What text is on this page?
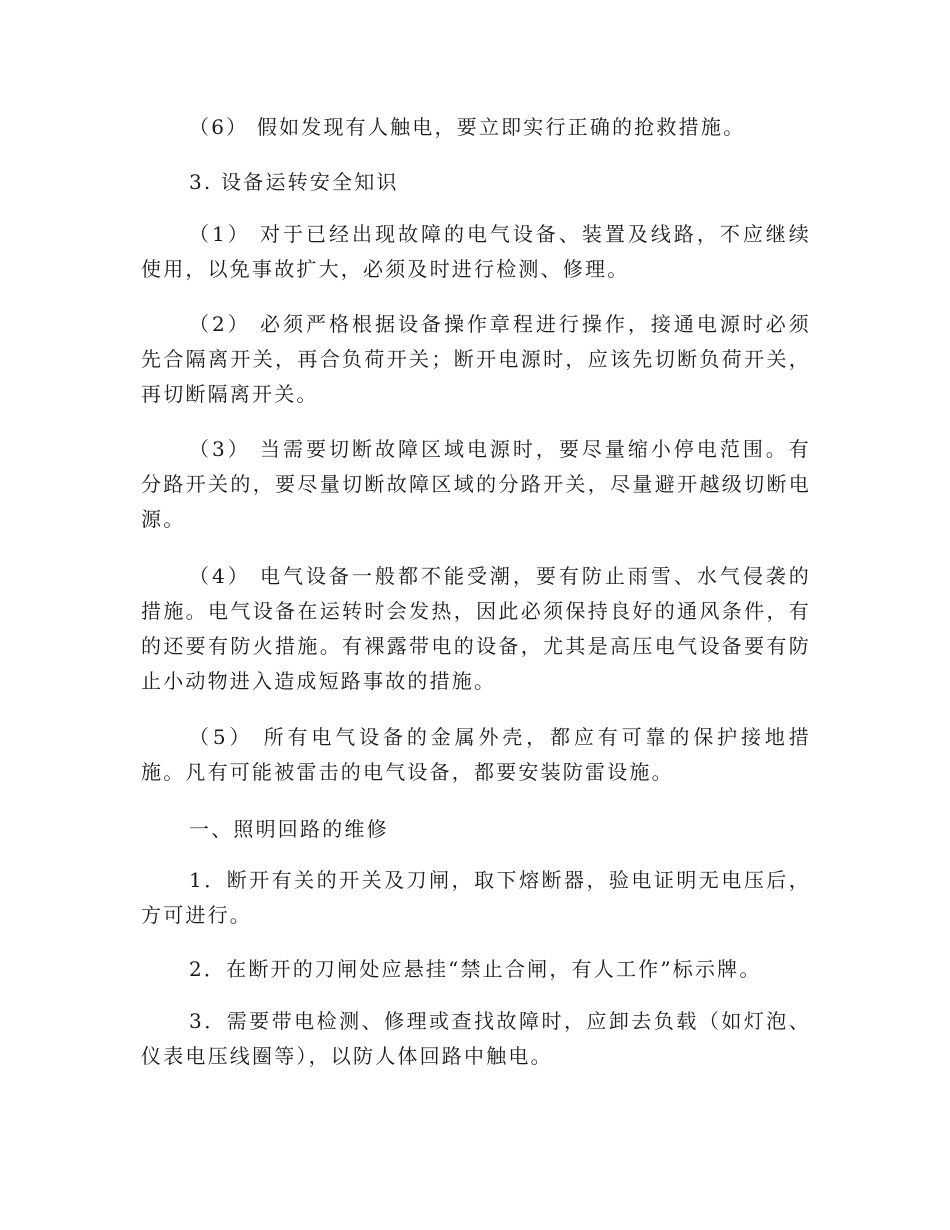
（6） 假如发现有人触电，要立即实行正确的抢救措施。

3. 设备运转安全知识

（1） 对于已经出现故障的电气设备、装置及线路，不应继续使用，以免事故扩大，必须及时进行检测、修理。

（2） 必须严格根据设备操作章程进行操作，接通电源时必须先合隔离开关，再合负荷开关；断开电源时，应该先切断负荷开关，再切断隔离开关。

（3） 当需要切断故障区域电源时，要尽量缩小停电范围。有分路开关的，要尽量切断故障区域的分路开关，尽量避开越级切断电源。

（4） 电气设备一般都不能受潮，要有防止雨雪、水气侵袭的措施。电气设备在运转时会发热，因此必须保持良好的通风条件，有的还要有防火措施。有裸露带电的设备，尤其是高压电气设备要有防止小动物进入造成短路事故的措施。

（5） 所有电气设备的金属外壳，都应有可靠的保护接地措施。凡有可能被雷击的电气设备，都要安装防雷设施。

一、照明回路的维修

1．断开有关的开关及刀闸，取下熔断器，验电证明无电压后，方可进行。

2．在断开的刀闸处应悬挂“禁止合闸，有人工作”标示牌。

3．需要带电检测、修理或查找故障时，应卸去负载（如灯泡、仪表电压线圈等），以防人体回路中触电。
